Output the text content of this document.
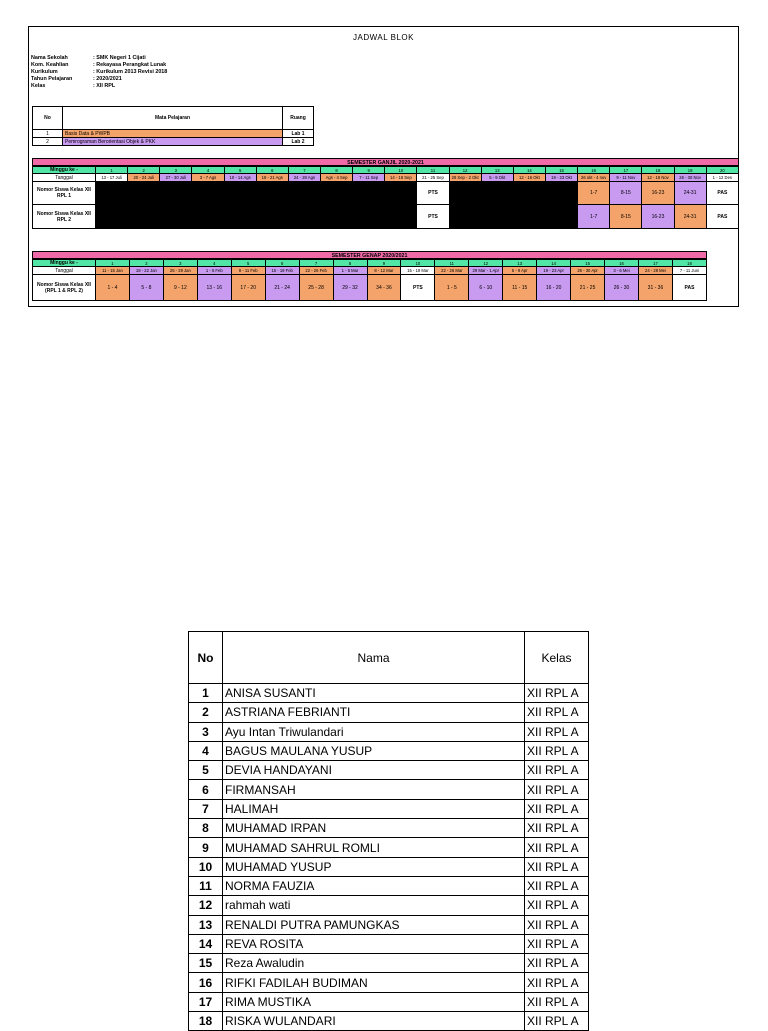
JADWAL BLOK
Nama Sekolah	: SMK Negeri 1 Cijati
Kom. Keahlian	: Rekayasa Perangkat Lunak
Kurikulum	: Kurikulum 2013 Revisi 2018
Tahun Pelajaran	: 2020/2021
Kelas	: XII RPL
No	Mata Pelajaran	Ruang
1	Basis Data & PWPB	Lab 1
2	Pemrograman Berorientasi Objek & PKK	Lab 2
SEMESTER GANJIL 2020-2021
Minggu ke -	1	2	3	4	5	6	7	8	9	10	11	12	13	14	15	16	17	18	19	20
Tanggal	13 - 17 Juli	20 - 24 Juli	27 - 30 Juli	3 - 7 Ags	10 - 14 Ags	18 - 21 Ags	24 - 28 Ags	Ags - 4 Sep	7 - 11 Sep	14 - 18 Sep	21 - 25 Sep	28 Sep - 2 Okt	5 - 9 Okt	12 - 16 Okt	19 - 23 Okt	26 okt - 4 nov	9 - 11 Nov	12 - 18 Nov	26 - 30 Nov	1 - 12 Des
Nomor Siswa Kelas XII RPL 1											PTS					1-7	8-15	16-23	24-31	PAS
Nomor Siswa Kelas XII RPL 2											PTS					1-7	8-15	16-23	24-31	PAS
SEMESTER GENAP 2020/2021
Minggu ke -	1	2	3	4	5	6	7	8	9	10	11	12	13	14	15	16	17	18
Tanggal	11 - 15 Jan	18 - 22 Jan	25 - 29 Jan	1 - 5 Feb	8 - 11 Feb	15 - 19 Feb	22 - 26 Feb	1 - 5 Mar	8 - 12 Mar	15 - 19 Mar	22 - 26 Mar	29 Mar - 1 Apr	5 - 9 Apr	19 - 23 Apr	26 - 30 Apr	3 - 6 Mei	24 - 28 Mei	7 - 11 Juni
Nomor Siswa Kelas XII (RPL 1 & RPL 2)	1 - 4	5 - 8	9 - 12	13 - 16	17 - 20	21 - 24	25 - 28	29 - 32	34 - 36	PTS	1 - 5	6 - 10	11 - 15	16 - 20	21 - 25	26 - 30	31 - 36	PAS
No	Nama	Kelas
1	ANISA SUSANTI	XII RPL A
2	ASTRIANA FEBRIANTI	XII RPL A
3	Ayu Intan Triwulandari	XII RPL A
4	BAGUS MAULANA YUSUP	XII RPL A
5	DEVIA HANDAYANI	XII RPL A
6	FIRMANSAH	XII RPL A
7	HALIMAH	XII RPL A
8	MUHAMAD IRPAN	XII RPL A
9	MUHAMAD SAHRUL ROMLI	XII RPL A
10	MUHAMAD YUSUP	XII RPL A
11	NORMA FAUZIA	XII RPL A
12	rahmah wati	XII RPL A
13	RENALDI PUTRA PAMUNGKAS	XII RPL A
14	REVA ROSITA	XII RPL A
15	Reza Awaludin	XII RPL A
16	RIFKI FADILAH BUDIMAN	XII RPL A
17	RIMA MUSTIKA	XII RPL A
18	RISKA WULANDARI	XII RPL A
